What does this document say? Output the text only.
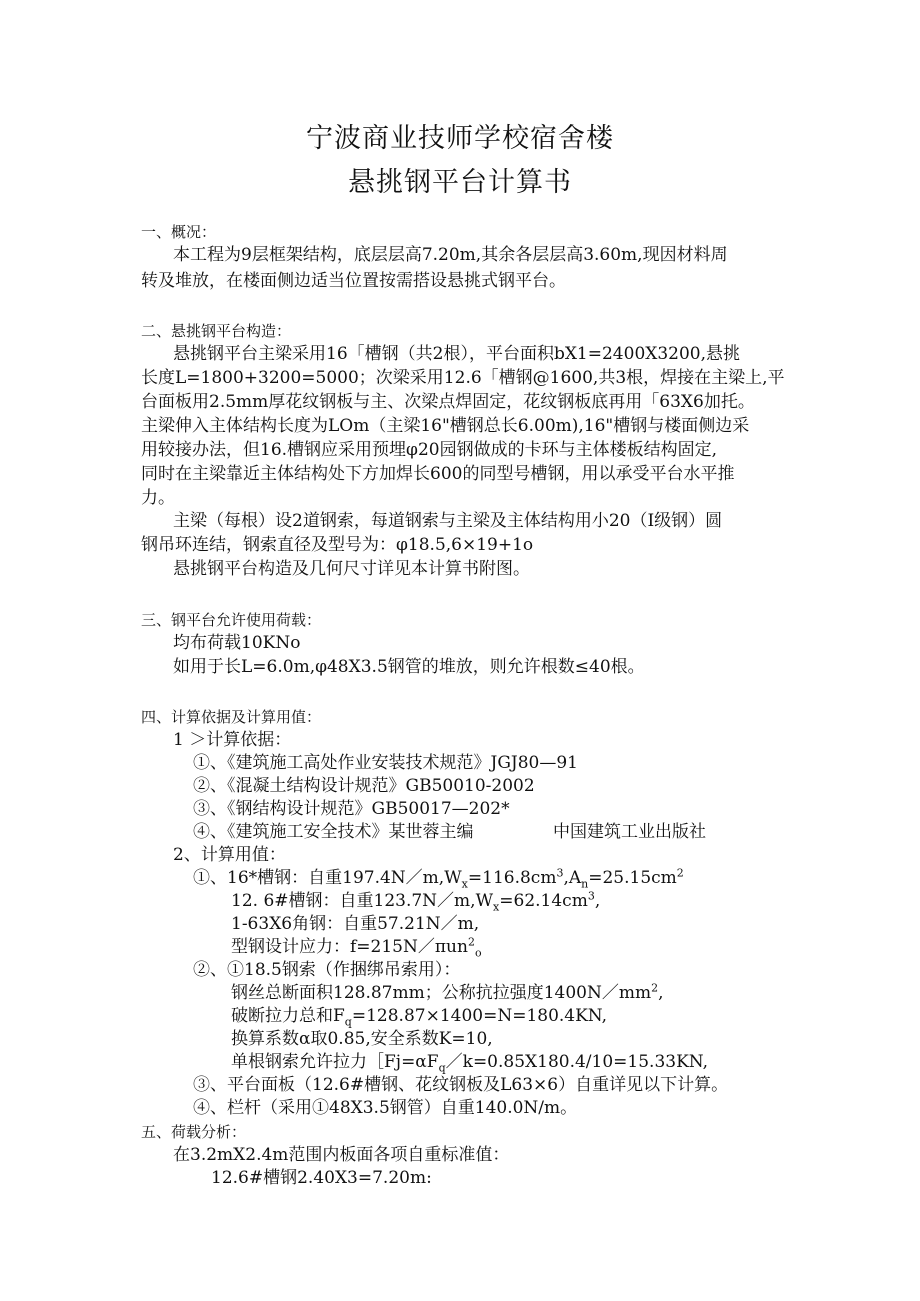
宁波商业技师学校宿舍楼
悬挑钢平台计算书
一、概况：
本工程为9层框架结构，底层层高7.20m,其余各层层高3.60m,现因材料周
转及堆放，在楼面侧边适当位置按需搭设悬挑式钢平台。
二、悬挑钢平台构造：
悬挑钢平台主梁采用16「槽钢（共2根），平台面积bX1=2400X3200,悬挑
长度L=1800+3200=5000；次梁采用12.6「槽钢@1600,共3根，焊接在主梁上,平
台面板用2.5mm厚花纹钢板与主、次梁点焊固定，花纹钢板底再用「63X6加托。
主梁伸入主体结构长度为LOm（主梁16"槽钢总长6.00m),16"槽钢与楼面侧边采
用较接办法，但16.槽钢应采用预埋φ20园钢做成的卡环与主体楼板结构固定,
同时在主梁靠近主体结构处下方加焊长600的同型号槽钢，用以承受平台水平推
力。
主梁（每根）设2道钢索，每道钢索与主梁及主体结构用小20（I级钢）圆
钢吊环连结，钢索直径及型号为：φ18.5,6×19+1o
悬挑钢平台构造及几何尺寸详见本计算书附图。
三、钢平台允许使用荷载：
均布荷载10KNo
如用于长L=6.0m,φ48X3.5钢管的堆放，则允许根数≤40根。
四、计算依据及计算用值：
1 ＞计算依据：
①、《建筑施工高处作业安装技术规范》JGJ80—91
②、《混凝土结构设计规范》GB50010-2002
③、《钢结构设计规范》GB50017—202*
④、《建筑施工安全技术》某世蓉主编	中国建筑工业出版社
2、计算用值：
①、16*槽钢：自重$197.4N/m,W_x=116.8cm^3,A_n=25.15cm^2$
12. 6#槽钢：自重$123.7N/m,W_x=62.14cm^3$,
1-63X6角钢：自重57.21N／m,
型钢设计应力：f=215N／πun$^2_o$
②、①18.5钢索（作捆绑吊索用）：
钢丝总断面积128.87mm；公称抗拉强度$1400N/mm^2$,
破断拉力总和$F_q=128.87\times 1400=N=180.4KN$,
换算系数α取0.85,安全系数K=10,
单根钢索允许拉力$[Fj=\alpha F_q/k=0.85X180.4/10=15.33KN$,
③、平台面板（12.6#槽钢、花纹钢板及L63×6）自重详见以下计算。
④、栏杆（采用①48X3.5钢管）自重140.0N/m。
五、荷载分析：
在3.2mX2.4m范围内板面各项自重标准值：
12.6#槽钢2.40X3=7.20m:
